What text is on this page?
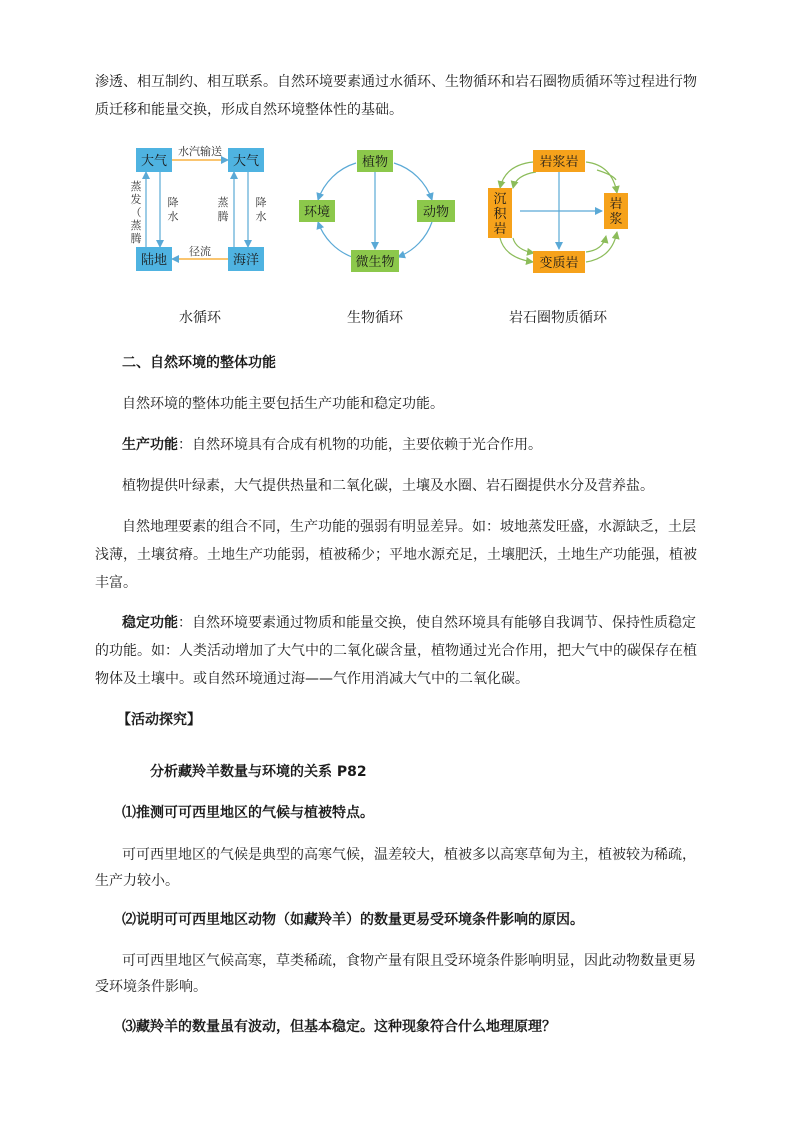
渗透、相互制约、相互联系。自然环境要素通过水循环、生物循环和岩石圈物质循环等过程进行物
质迁移和能量交换，形成自然环境整体性的基础。
大气	大气
陆地	海洋
水汽输送
径流
蒸
发
（
蒸
腾
降
水
蒸
腾
降
水
植物
环境	动物
微生物
岩浆岩
变质岩
沉
积
岩
岩
浆
水循环	生物循环	岩石圈物质循环
二、自然环境的整体功能
自然环境的整体功能主要包括生产功能和稳定功能。
生产功能：自然环境具有合成有机物的功能，主要依赖于光合作用。
植物提供叶绿素，大气提供热量和二氧化碳，土壤及水圈、岩石圈提供水分及营养盐。
自然地理要素的组合不同，生产功能的强弱有明显差异。如：坡地蒸发旺盛，水源缺乏，土层
浅薄，土壤贫瘠。土地生产功能弱，植被稀少；平地水源充足，土壤肥沃，土地生产功能强，植被
丰富。
稳定功能：自然环境要素通过物质和能量交换，使自然环境具有能够自我调节、保持性质稳定
的功能。如：人类活动增加了大气中的二氧化碳含量，植物通过光合作用，把大气中的碳保存在植
物体及土壤中。或自然环境通过海——气作用消减大气中的二氧化碳。
【活动探究】
分析藏羚羊数量与环境的关系 P82
⑴推测可可西里地区的气候与植被特点。
可可西里地区的气候是典型的高寒气候，温差较大，植被多以高寒草甸为主，植被较为稀疏，
生产力较小。
⑵说明可可西里地区动物（如藏羚羊）的数量更易受环境条件影响的原因。
可可西里地区气候高寒，草类稀疏，食物产量有限且受环境条件影响明显，因此动物数量更易
受环境条件影响。
⑶藏羚羊的数量虽有波动，但基本稳定。这种现象符合什么地理原理？
